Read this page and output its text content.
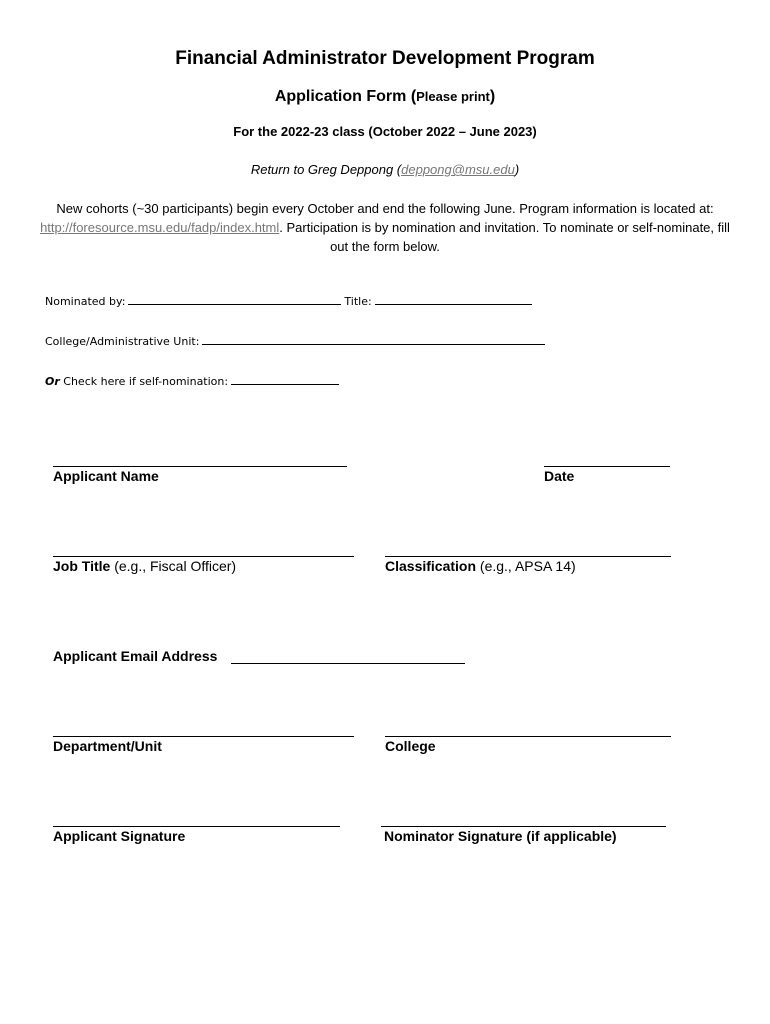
Financial Administrator Development Program
Application Form (Please print)
For the 2022-23 class (October 2022 – June 2023)
Return to Greg Deppong (deppong@msu.edu)
New cohorts (~30 participants) begin every October and end the following June. Program information is located at: http://foresource.msu.edu/fadp/index.html. Participation is by nomination and invitation. To nominate or self-nominate, fill out the form below.
Nominated by:	Title:
College/Administrative Unit:
Or Check here if self-nomination:
Applicant Name	Date
Job Title (e.g., Fiscal Officer)	Classification (e.g., APSA 14)
Applicant Email Address
Department/Unit	College
Applicant Signature	Nominator Signature (if applicable)
